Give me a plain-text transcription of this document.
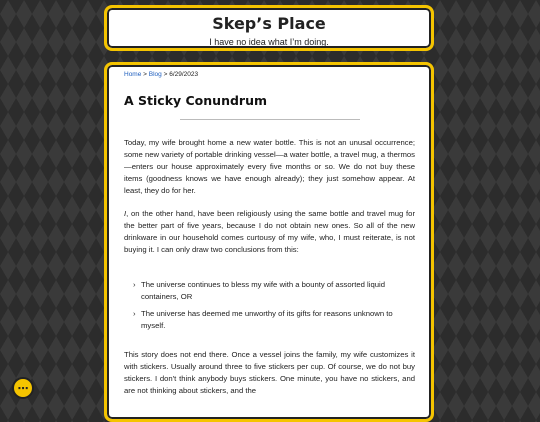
Skep’s Place
I have no idea what I’m doing.
Home > Blog > 6/29/2023
A Sticky Conundrum

Today, my wife brought home a new water bottle. This is not an unusal occurrence; some new variety of portable drinking vessel—a water bottle, a travel mug, a thermos—enters our house approximately every five months or so. We do not buy these items (goodness knows we have enough already); they just somehow appear. At least, they do for her.

I, on the other hand, have been religiously using the same bottle and travel mug for the better part of five years, because I do not obtain new ones. So all of the new drinkware in our household comes curtousy of my wife, who, I must reiterate, is not buying it. I can only draw two conclusions from this:

› The universe continues to bless my wife with a bounty of assorted liquid containers, OR
› The universe has deemed me unworthy of its gifts for reasons unknown to myself.

This story does not end there. Once a vessel joins the family, my wife customizes it with stickers. Usually around three to five stickers per cup. Of course, we do not buy stickers. I don't think anybody buys stickers. One minute, you have no stickers, and are not thinking about stickers, and the

⋯
